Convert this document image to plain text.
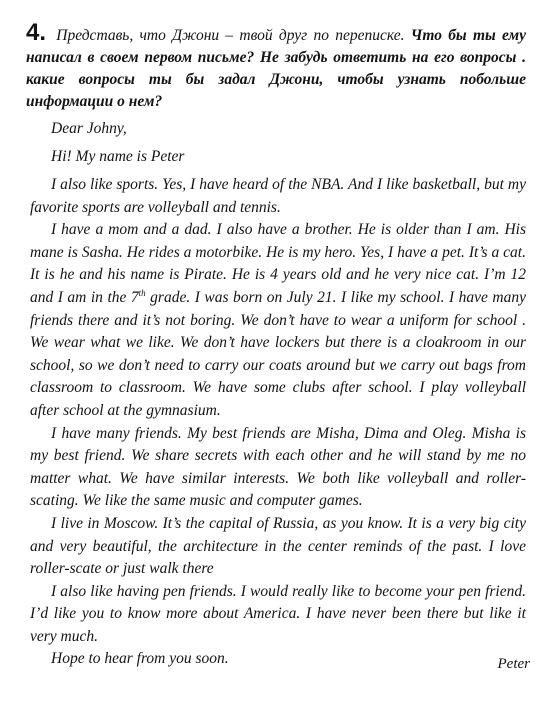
4. Представь, что Джони – твой друг по переписке. Что бы ты ему написал в своем первом письме? Не забудь ответить на его вопросы . какие вопросы ты бы задал Джони, чтобы узнать побольше информации о нем?

Dear Johny,

Hi! My name is Peter

I also like sports. Yes, I have heard of the NBA. And I like basketball, but my favorite sports are volleyball and tennis.

I have a mom and a dad. I also have a brother. He is older than I am. His mane is Sasha. He rides a motorbike. He is my hero. Yes, I have a pet. It’s a cat. It is he and his name is Pirate. He is 4 years old and he very nice cat. I’m 12 and I am in the 7th grade. I was born on July 21. I like my school. I have many friends there and it’s not boring. We don’t have to wear a uniform for school . We wear what we like. We don’t have lockers but there is a cloakroom in our school, so we don’t need to carry our coats around but we carry out bags from classroom to classroom. We have some clubs after school. I play volleyball after school at the gymnasium.

I have many friends. My best friends are Misha, Dima and Oleg. Misha is my best friend. We share secrets with each other and he will stand by me no matter what. We have similar interests. We both like volleyball and roller-scating. We like the same music and computer games.

I live in Moscow. It’s the capital of Russia, as you know. It is a very big city and very beautiful, the architecture in the center reminds of the past. I love roller-scate or just walk there

I also like having pen friends. I would really like to become your pen friend. I’d like you to know more about America. I have never been there but like it very much.

Hope to hear from you soon.	Peter
